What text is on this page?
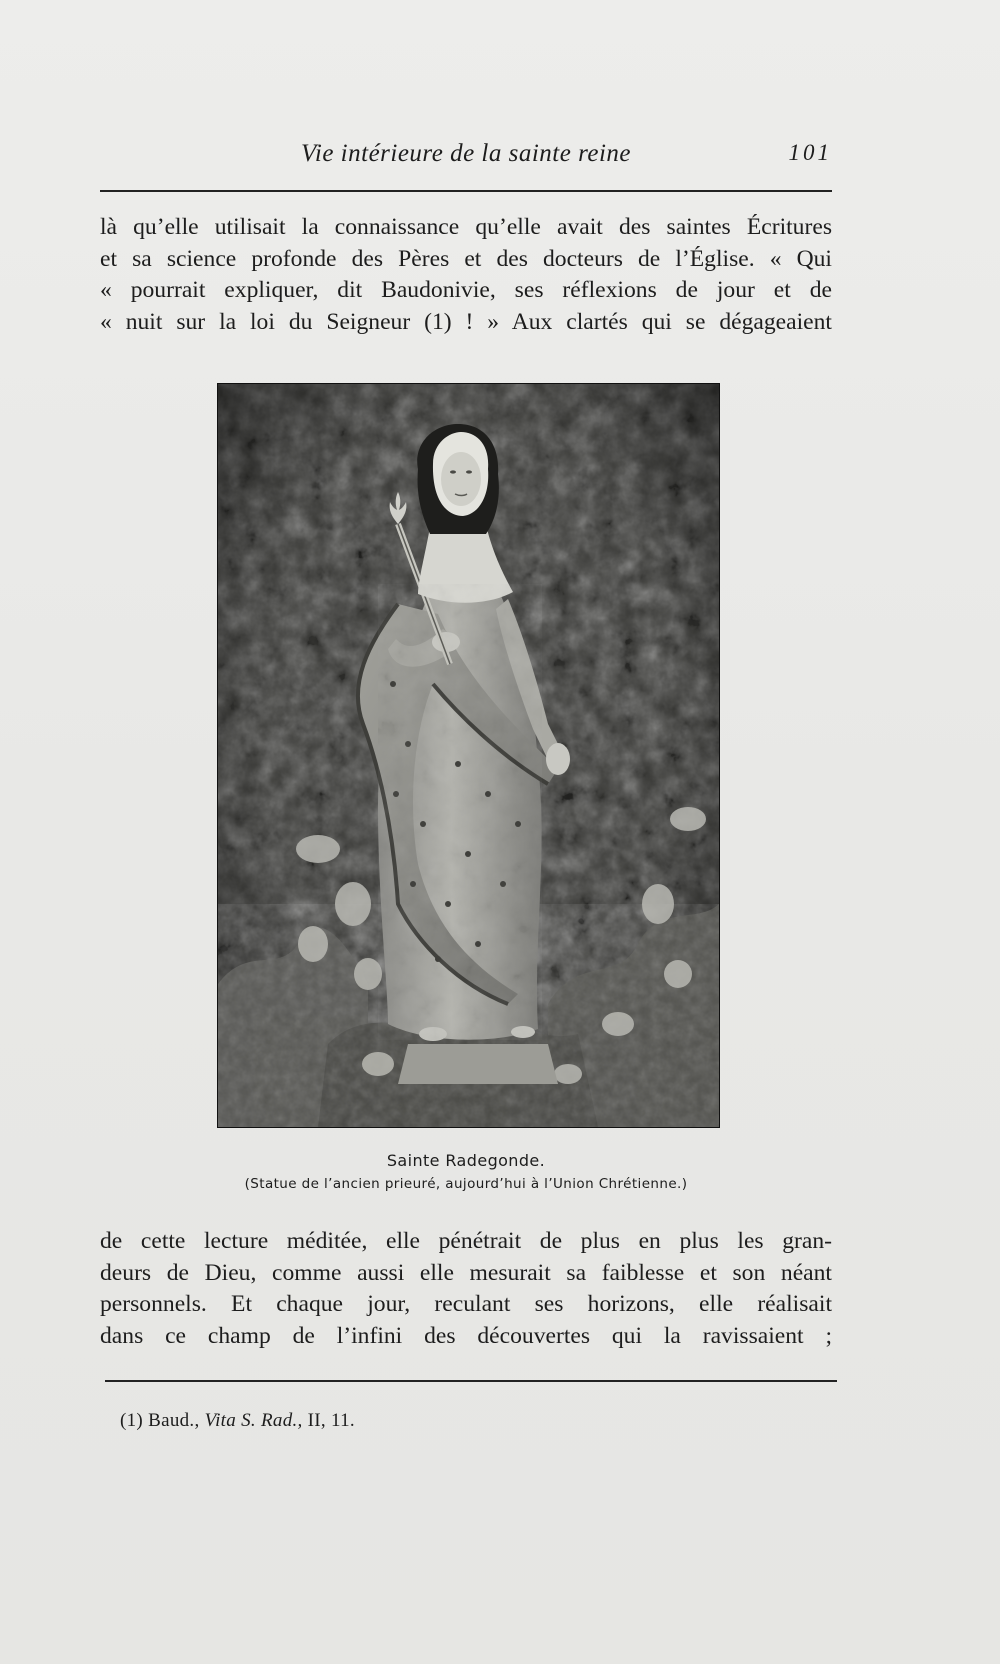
Vie intérieure de la sainte reine	101
là qu’elle utilisait la connaissance qu’elle avait des saintes Écritures
et sa science profonde des Pères et des docteurs de l’Église. « Qui
« pourrait expliquer, dit Baudonivie, ses réflexions de jour et de
« nuit sur la loi du Seigneur (1) ! » Aux clartés qui se dégageaient
Sainte Radegonde.
(Statue de l’ancien prieuré, aujourd’hui à l’Union Chrétienne.)
de cette lecture méditée, elle pénétrait de plus en plus les gran-
deurs de Dieu, comme aussi elle mesurait sa faiblesse et son néant
personnels. Et chaque jour, reculant ses horizons, elle réalisait
dans ce champ de l’infini des découvertes qui la ravissaient ;
(1) Baud., Vita S. Rad., II, 11.
